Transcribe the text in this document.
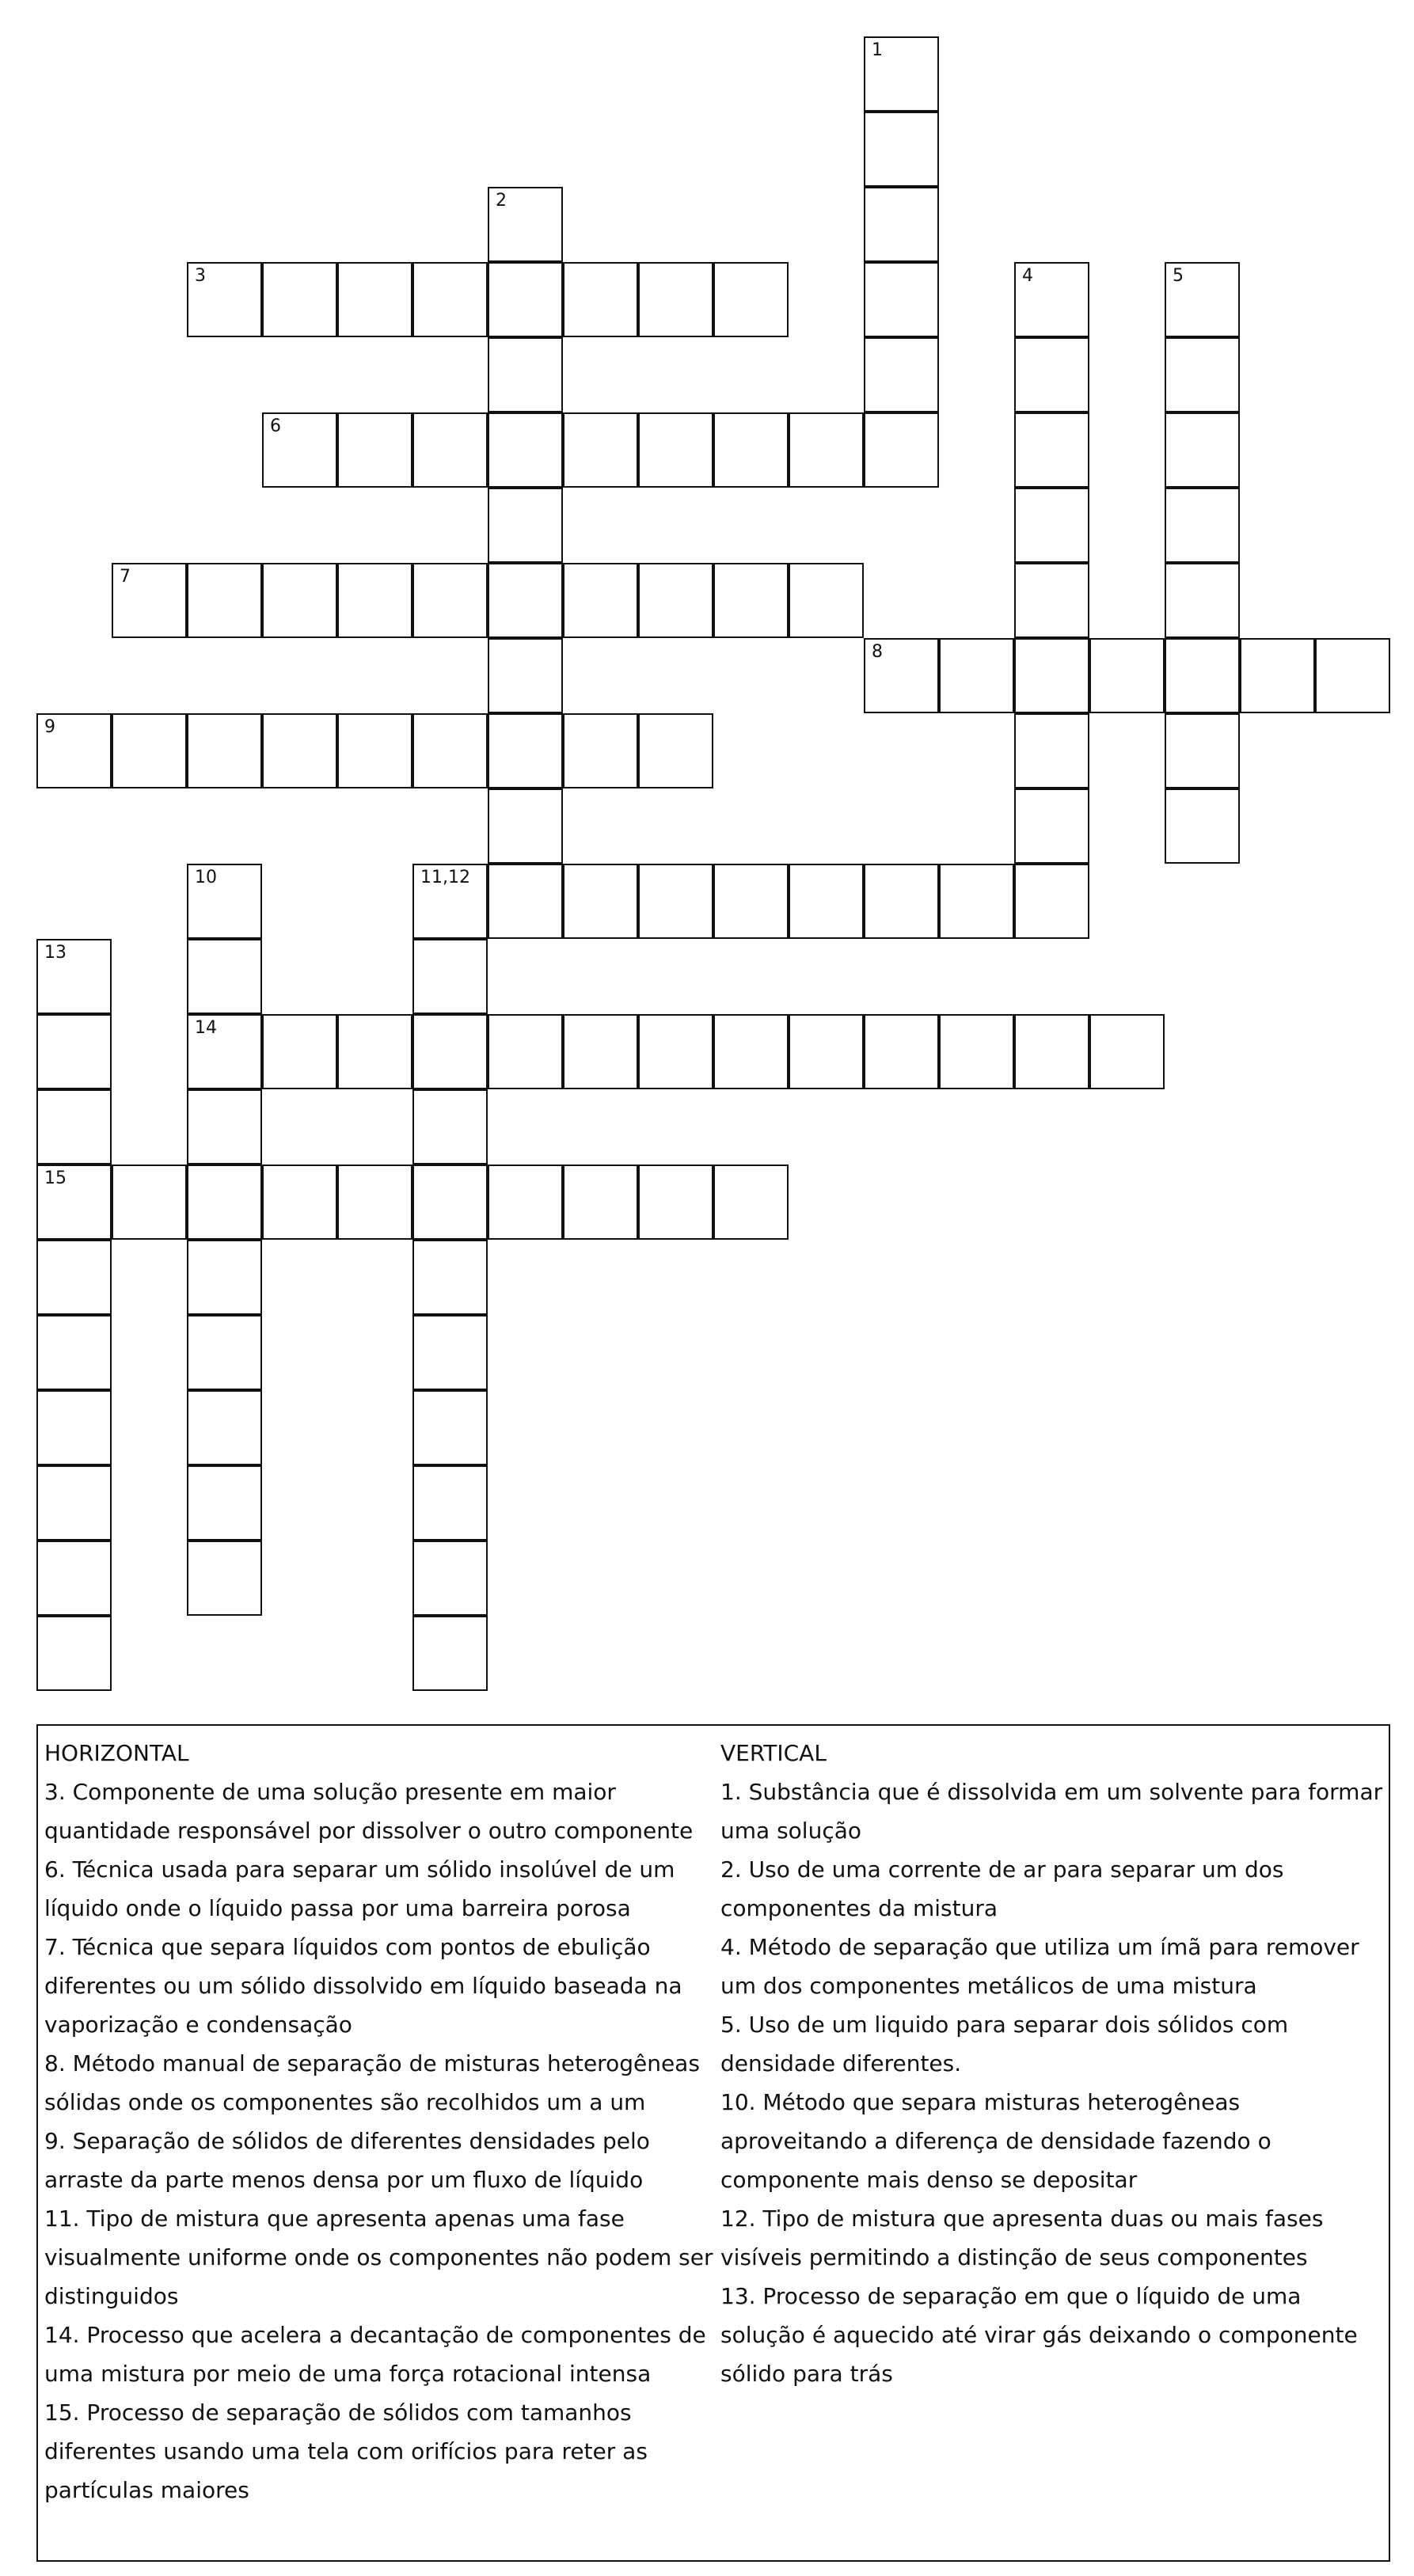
1
2
3	4	5
6
7
8
9
10
14
11,12
13
15
HORIZONTAL
3. Componente de uma solução presente em maior quantidade responsável por dissolver o outro componente
6. Técnica usada para separar um sólido insolúvel de um líquido onde o líquido passa por uma barreira porosa
7. Técnica que separa líquidos com pontos de ebulição diferentes ou um sólido dissolvido em líquido baseada na vaporização e condensação
8. Método manual de separação de misturas heterogêneas sólidas onde os componentes são recolhidos um a um
9. Separação de sólidos de diferentes densidades pelo arraste da parte menos densa por um fluxo de líquido
11. Tipo de mistura que apresenta apenas uma fase visualmente uniforme onde os componentes não podem ser distinguidos
14. Processo que acelera a decantação de componentes de uma mistura por meio de uma força rotacional intensa
15. Processo de separação de sólidos com tamanhos diferentes usando uma tela com orifícios para reter as partículas maiores
VERTICAL
1. Substância que é dissolvida em um solvente para formar uma solução
2. Uso de uma corrente de ar para separar um dos componentes da mistura
4. Método de separação que utiliza um ímã para remover um dos componentes metálicos de uma mistura
5. Uso de um liquido para separar dois sólidos com densidade diferentes.
10. Método que separa misturas heterogêneas aproveitando a diferença de densidade fazendo o componente mais denso se depositar
12. Tipo de mistura que apresenta duas ou mais fases visíveis permitindo a distinção de seus componentes
13. Processo de separação em que o líquido de uma solução é aquecido até virar gás deixando o componente sólido para trás
